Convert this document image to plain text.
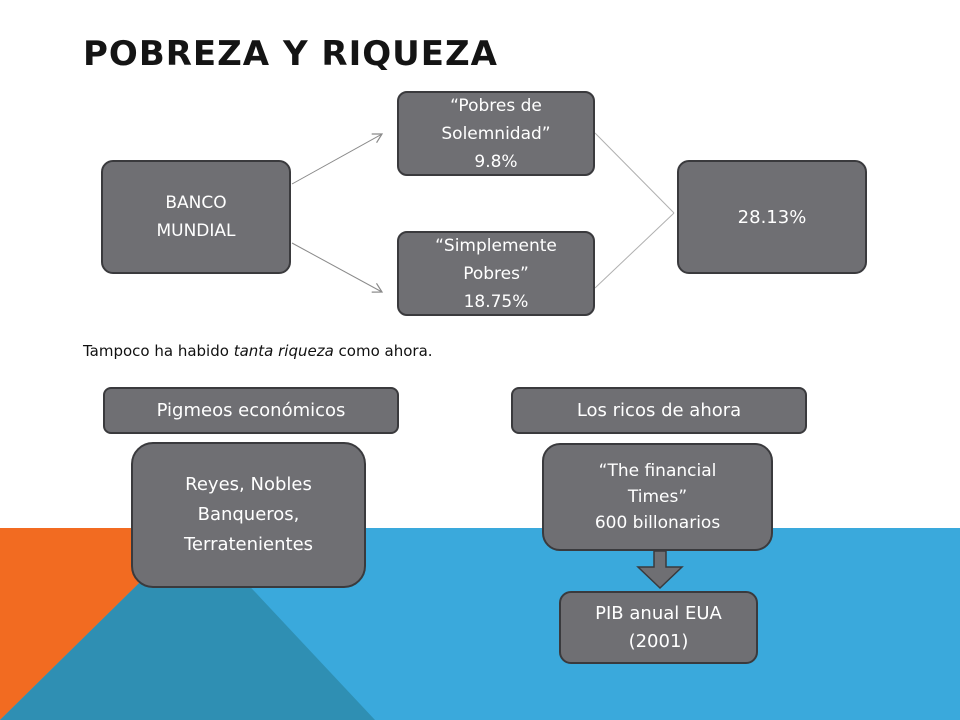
POBREZA Y RIQUEZA
BANCO
MUNDIAL
“Pobres de
Solemnidad”
9.8%
“Simplemente
Pobres”
18.75%
28.13%
Tampoco ha habido tanta riqueza como ahora.
Pigmeos económicos	Los ricos de ahora
Reyes, Nobles
Banqueros,
Terratenientes
“The financial
Times”
600 billonarios
PIB anual EUA
(2001)
